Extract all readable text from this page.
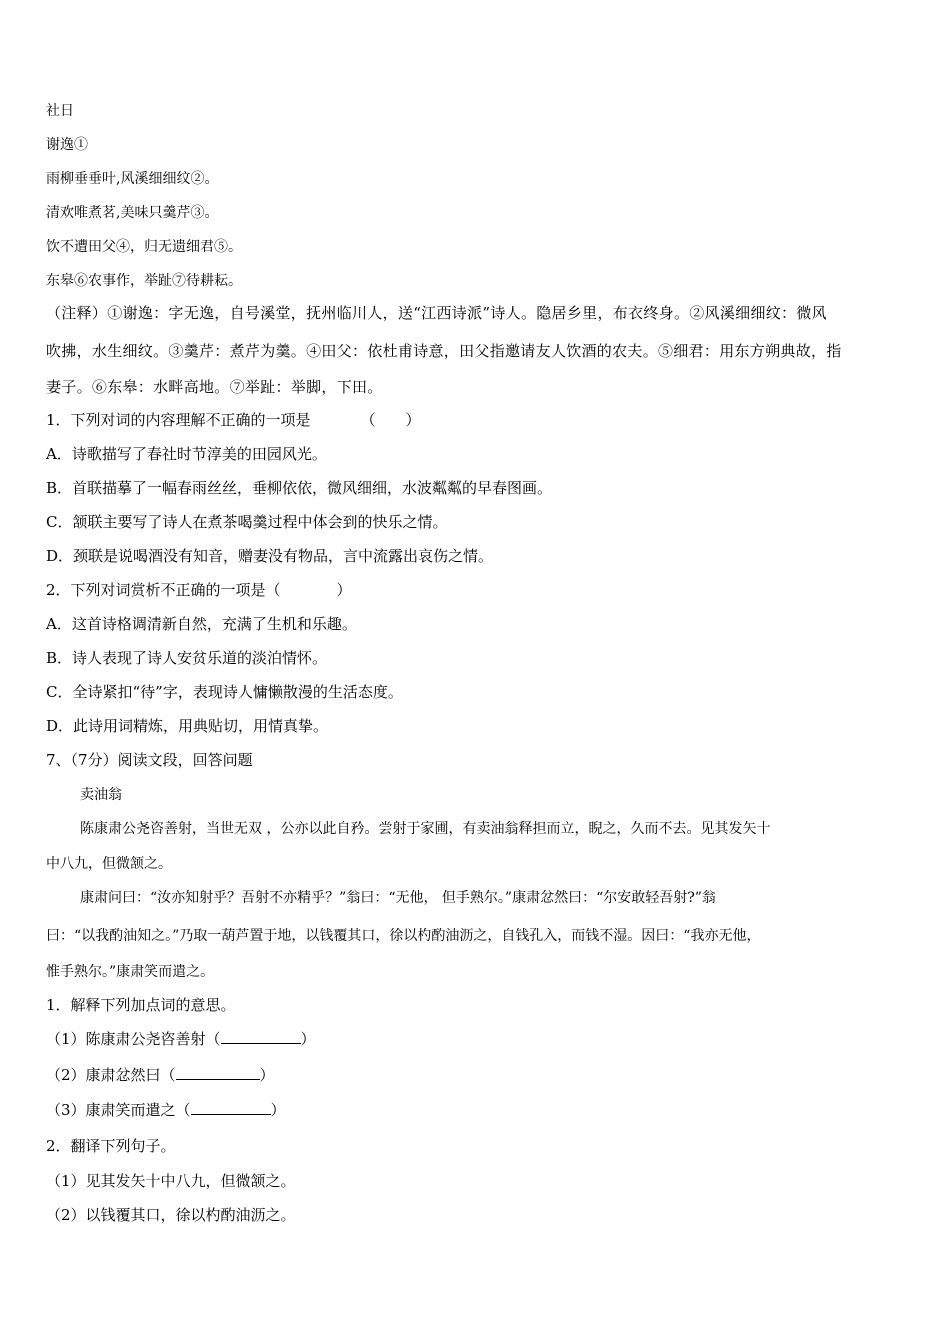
社日
谢逸①
雨柳垂垂叶,风溪细细纹②。
清欢唯煮茗,美味只羹芹③。
饮不遭田父④，归无遗细君⑤。
东皋⑥农事作，举趾⑦待耕耘。
（注释）①谢逸：字无逸，自号溪堂，抚州临川人，送“江西诗派”诗人。隐居乡里，布衣终身。②风溪细细纹：微风
吹拂，水生细纹。③羹芹：煮芹为羹。④田父：依杜甫诗意，田父指邀请友人饮酒的农夫。⑤细君：用东方朔典故，指
妻子。⑥东皋：水畔高地。⑦举趾：举脚，下田。
1．下列对词的内容理解不正确的一项是	（　　）
A．诗歌描写了春社时节淳美的田园风光。
B．首联描摹了一幅春雨丝丝，垂柳依依，微风细细，水波粼粼的早春图画。
C．颔联主要写了诗人在煮茶喝羹过程中体会到的快乐之情。
D．颈联是说喝酒没有知音，赠妻没有物品，言中流露出哀伤之情。
2．下列对词赏析不正确的一项是（	）
A．这首诗格调清新自然，充满了生机和乐趣。
B．诗人表现了诗人安贫乐道的淡泊情怀。
C．全诗紧扣“待”字，表现诗人慵懒散漫的生活态度。
D．此诗用词精炼，用典贴切，用情真挚。
7、（7分）阅读文段，回答问题
卖油翁
陈康肃公尧咨善射，当世无双 ，公亦以此自矜。尝射于家圃，有卖油翁释担而立，睨之，久而不去。见其发矢十
中八九，但微颔之。
康肃问曰：“汝亦知射乎？吾射不亦精乎？”翁曰：“无他， 但手熟尔。”康肃忿然曰：“尔安敢轻吾射?”翁
曰：“以我酌油知之。”乃取一葫芦置于地，以钱覆其口，徐以杓酌油沥之，自钱孔入，而钱不湿。因曰：“我亦无他，
惟手熟尔。”康肃笑而遣之。
1．解释下列加点词的意思。
（1）陈康肃公尧咨善射（	）
（2）康肃忿然曰（	）
（3）康肃笑而遣之（	）
2．翻译下列句子。
（1）见其发矢十中八九，但微颔之。
（2）以钱覆其口，徐以杓酌油沥之。
